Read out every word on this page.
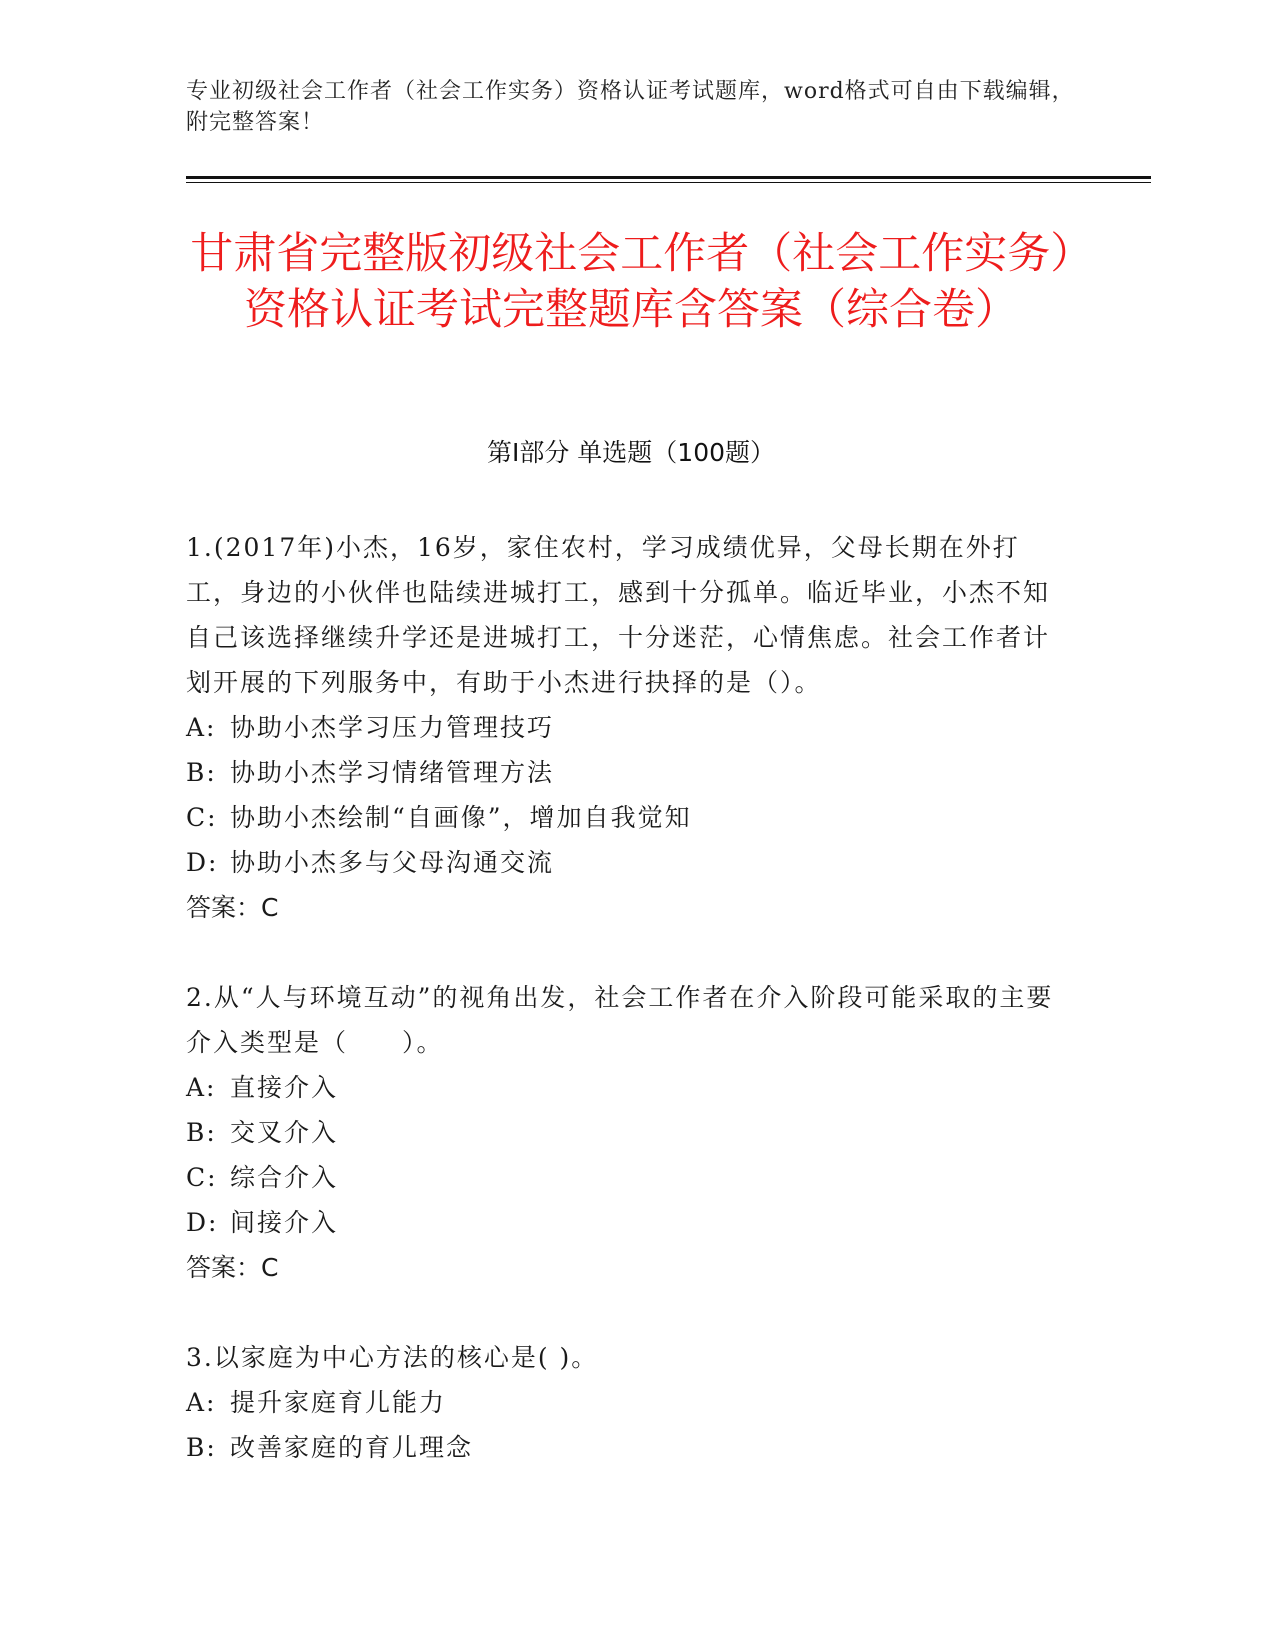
专业初级社会工作者（社会工作实务）资格认证考试题库，word格式可自由下载编辑，附完整答案！
甘肃省完整版初级社会工作者（社会工作实务）资格认证考试完整题库含答案（综合卷）
第Ⅰ部分 单选题（100题）

1.(2017年)小杰，16岁，家住农村，学习成绩优异，父母长期在外打工，身边的小伙伴也陆续进城打工，感到十分孤单。临近毕业，小杰不知自己该选择继续升学还是进城打工，十分迷茫，心情焦虑。社会工作者计划开展的下列服务中，有助于小杰进行抉择的是（）。

A: 协助小杰学习压力管理技巧

B: 协助小杰学习情绪管理方法

C: 协助小杰绘制“自画像”，增加自我觉知

D: 协助小杰多与父母沟通交流

答案：C

2.从“人与环境互动”的视角出发，社会工作者在介入阶段可能采取的主要介入类型是（　　）。

A: 直接介入

B: 交叉介入

C: 综合介入

D: 间接介入

答案：C

3.以家庭为中心方法的核心是( )。

A: 提升家庭育儿能力

B: 改善家庭的育儿理念
